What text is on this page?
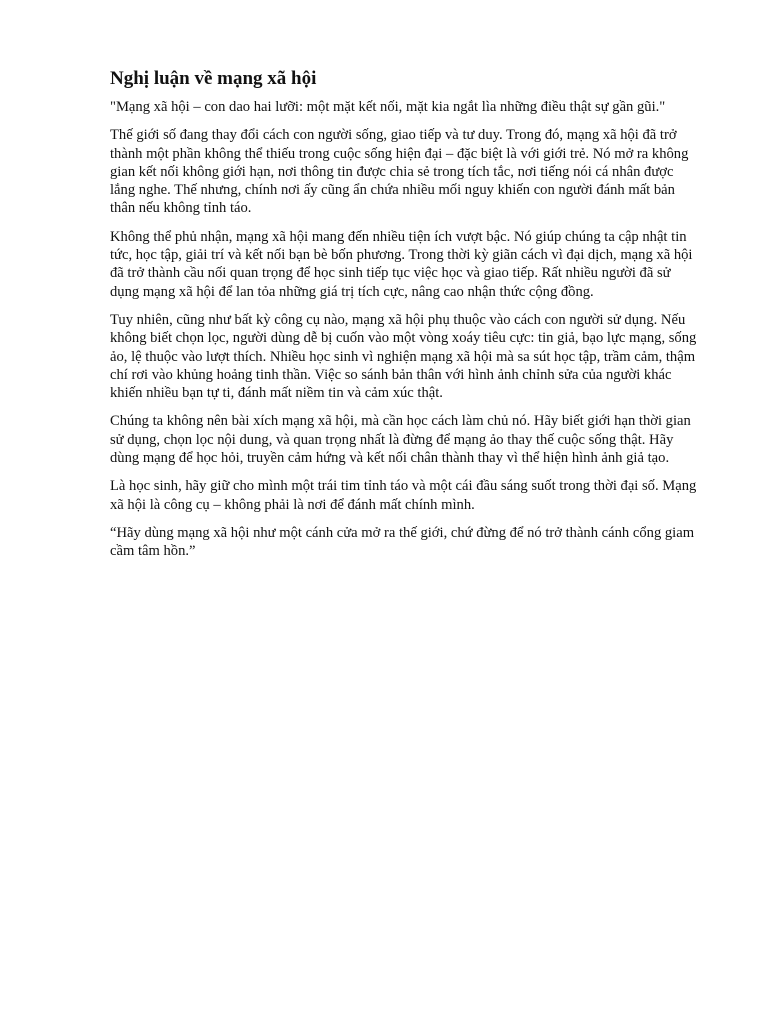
Nghị luận về mạng xã hội

"Mạng xã hội – con dao hai lưỡi: một mặt kết nối, mặt kia ngắt lìa những điều thật sự gần gũi."

Thế giới số đang thay đổi cách con người sống, giao tiếp và tư duy. Trong đó, mạng xã hội đã trở thành một phần không thể thiếu trong cuộc sống hiện đại – đặc biệt là với giới trẻ. Nó mở ra không gian kết nối không giới hạn, nơi thông tin được chia sẻ trong tích tắc, nơi tiếng nói cá nhân được lắng nghe. Thế nhưng, chính nơi ấy cũng ẩn chứa nhiều mối nguy khiến con người đánh mất bản thân nếu không tỉnh táo.

Không thể phủ nhận, mạng xã hội mang đến nhiều tiện ích vượt bậc. Nó giúp chúng ta cập nhật tin tức, học tập, giải trí và kết nối bạn bè bốn phương. Trong thời kỳ giãn cách vì đại dịch, mạng xã hội đã trở thành cầu nối quan trọng để học sinh tiếp tục việc học và giao tiếp. Rất nhiều người đã sử dụng mạng xã hội để lan tỏa những giá trị tích cực, nâng cao nhận thức cộng đồng.

Tuy nhiên, cũng như bất kỳ công cụ nào, mạng xã hội phụ thuộc vào cách con người sử dụng. Nếu không biết chọn lọc, người dùng dễ bị cuốn vào một vòng xoáy tiêu cực: tin giả, bạo lực mạng, sống ảo, lệ thuộc vào lượt thích. Nhiều học sinh vì nghiện mạng xã hội mà sa sút học tập, trầm cảm, thậm chí rơi vào khủng hoảng tinh thần. Việc so sánh bản thân với hình ảnh chỉnh sửa của người khác khiến nhiều bạn tự ti, đánh mất niềm tin và cảm xúc thật.

Chúng ta không nên bài xích mạng xã hội, mà cần học cách làm chủ nó. Hãy biết giới hạn thời gian sử dụng, chọn lọc nội dung, và quan trọng nhất là đừng để mạng ảo thay thế cuộc sống thật. Hãy dùng mạng để học hỏi, truyền cảm hứng và kết nối chân thành thay vì thể hiện hình ảnh giả tạo.

Là học sinh, hãy giữ cho mình một trái tim tỉnh táo và một cái đầu sáng suốt trong thời đại số. Mạng xã hội là công cụ – không phải là nơi để đánh mất chính mình.

“Hãy dùng mạng xã hội như một cánh cửa mở ra thế giới, chứ đừng để nó trở thành cánh cổng giam cầm tâm hồn.”
